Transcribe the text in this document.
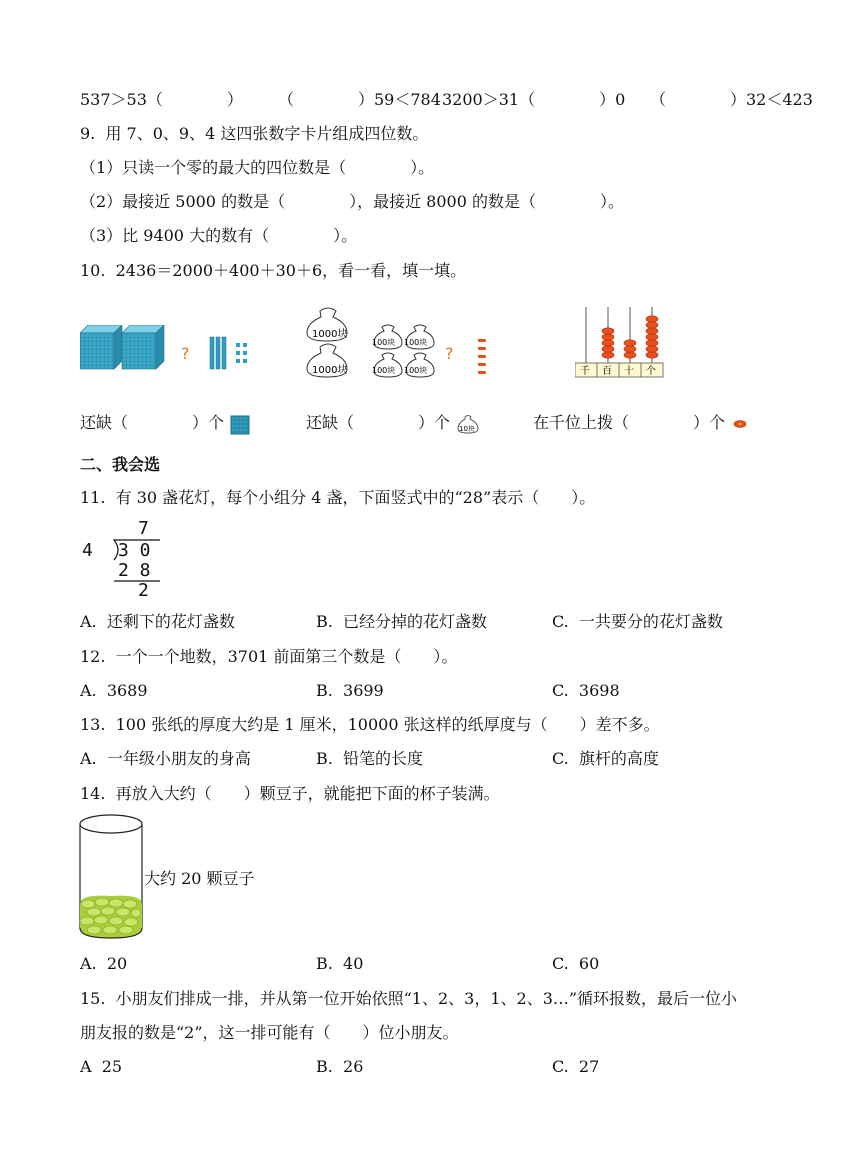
537＞53（　　　　） （　　　　）59＜784 3200＞31（　　　　）0 （　　　　）32＜423
9.  用 7、0、9、4 这四张数字卡片组成四位数。
（1）只读一个零的最大的四位数是（　　　　）。
（2）最接近 5000 的数是（　　　　），最接近 8000 的数是（　　　　）。
（3）比 9400 大的数有（　　　　）。
10.  2436＝2000＋400＋30＋6，看一看，填一填。
?
1000块
1000块
100块 100块
100块 100块
?
千 百 十 个
还缺（　　　　）个	还缺（　　　　）个 10块	在千位上拨（　　　　）个
二、我会选
11.  有 30 盏花灯，每个小组分 4 盏，下面竖式中的“28”表示（　　）。
7
4 3 0
2 8
2
A.  还剩下的花灯盏数	B.  已经分掉的花灯盏数	C.  一共要分的花灯盏数
12.  一个一个地数，3701 前面第三个数是（　　）。
A.  3689	B.  3699	C.  3698
13.  100 张纸的厚度大约是 1 厘米，10000 张这样的纸厚度与（　　）差不多。
A.  一年级小朋友的身高	B.  铅笔的长度	C.  旗杆的高度
14.  再放入大约（　　）颗豆子，就能把下面的杯子装满。
大约 20 颗豆子
A.  20	B.  40	C.  60
15.  小朋友们排成一排，并从第一位开始依照“1、2、3，1、2、3…”循环报数，最后一位小
朋友报的数是“2”，这一排可能有（　　）位小朋友。
A  25	B.  26	C.  27
